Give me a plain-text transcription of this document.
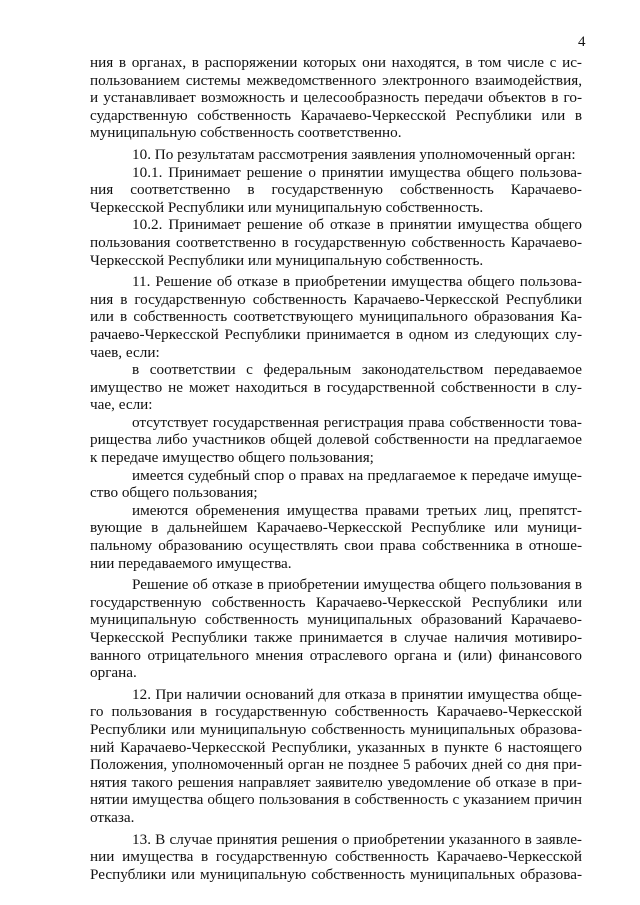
4
ния в органах, в распоряжении которых они находятся, в том числе с ис-
пользованием системы межведомственного электронного взаимодействия,
и устанавливает возможность и целесообразность передачи объектов в го-
сударственную собственность Карачаево-Черкесской Республики или в
муниципальную собственность соответственно.
10. По результатам рассмотрения заявления уполномоченный орган:
10.1. Принимает решение о принятии имущества общего пользова-
ния соответственно в государственную собственность Карачаево-
Черкесской Республики или муниципальную собственность.
10.2. Принимает решение об отказе в принятии имущества общего
пользования соответственно в государственную собственность Карачаево-
Черкесской Республики или муниципальную собственность.
11. Решение об отказе в приобретении имущества общего пользова-
ния в государственную собственность Карачаево-Черкесской Республики
или в собственность соответствующего муниципального образования Ка-
рачаево-Черкесской Республики принимается в одном из следующих слу-
чаев, если:
в соответствии с федеральным законодательством передаваемое
имущество не может находиться в государственной собственности в слу-
чае, если:
отсутствует государственная регистрация права собственности това-
рищества либо участников общей долевой собственности на предлагаемое
к передаче имущество общего пользования;
имеется судебный спор о правах на предлагаемое к передаче имуще-
ство общего пользования;
имеются обременения имущества правами третьих лиц, препятст-
вующие в дальнейшем Карачаево-Черкесской Республике или муници-
пальному образованию осуществлять свои права собственника в отноше-
нии передаваемого имущества.
Решение об отказе в приобретении имущества общего пользования в
государственную собственность Карачаево-Черкесской Республики или
муниципальную собственность муниципальных образований Карачаево-
Черкесской Республики также принимается в случае наличия мотивиро-
ванного отрицательного мнения отраслевого органа и (или) финансового
органа.
12. При наличии оснований для отказа в принятии имущества обще-
го пользования в государственную собственность Карачаево-Черкесской
Республики или муниципальную собственность муниципальных образова-
ний Карачаево-Черкесской Республики, указанных в пункте 6 настоящего
Положения, уполномоченный орган не позднее 5 рабочих дней со дня при-
нятия такого решения направляет заявителю уведомление об отказе в при-
нятии имущества общего пользования в собственность с указанием причин
отказа.
13. В случае принятия решения о приобретении указанного в заявле-
нии имущества в государственную собственность Карачаево-Черкесской
Республики или муниципальную собственность муниципальных образова-
